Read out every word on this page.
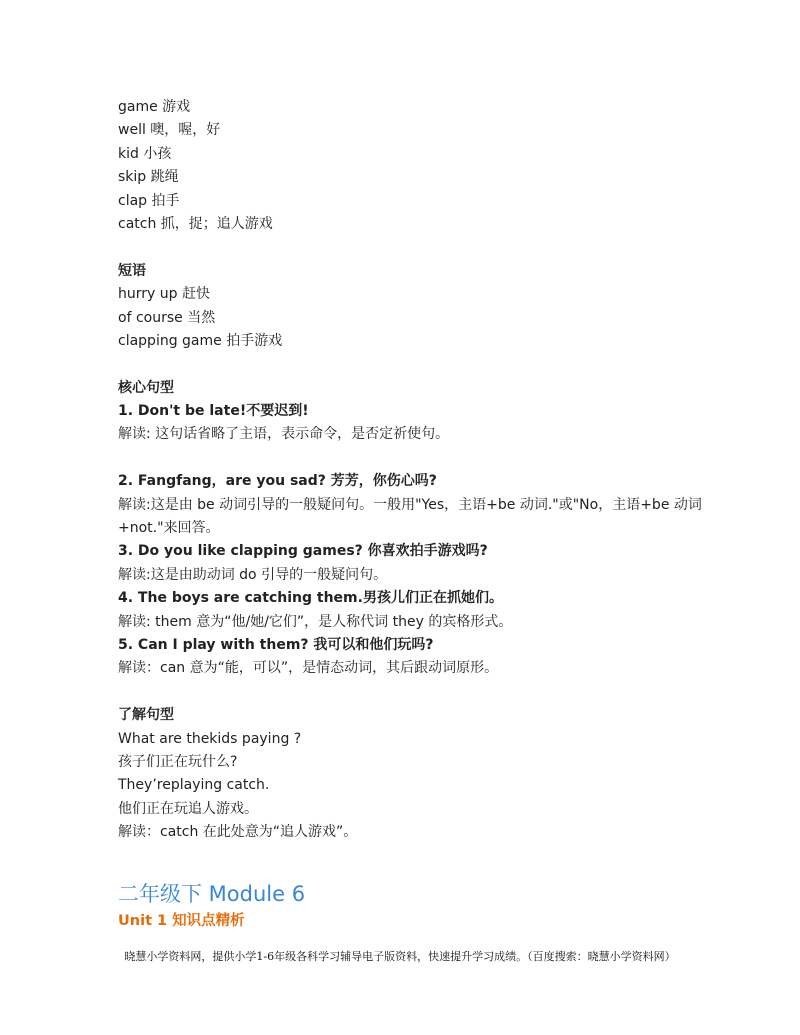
game 游戏
well 噢，喔，好
kid 小孩
skip 跳绳
clap 拍手
catch 抓，捉；追人游戏
短语
hurry up 赶快
of course 当然
clapping game 拍手游戏
核心句型
1. Don't be late!不要迟到!
解读: 这句话省略了主语，表示命令，是否定祈使句。
2. Fangfang，are you sad? 芳芳，你伤心吗?
解读:这是由 be 动词引导的一般疑问句。一般用"Yes，主语+be 动词."或"No，主语+be 动词+not."来回答。
3. Do you like clapping games? 你喜欢拍手游戏吗?
解读:这是由助动词 do 引导的一般疑问句。
4. The boys are catching them.男孩儿们正在抓她们。
解读: them 意为“他/她/它们”，是人称代词 they 的宾格形式。
5. Can I play with them? 我可以和他们玩吗?
解读：can 意为“能，可以”，是情态动词，其后跟动词原形。
了解句型
What are thekids paying ?
孩子们正在玩什么?
They’replaying catch.
他们正在玩追人游戏。
解读：catch 在此处意为“追人游戏”。
二年级下 Module 6
Unit 1 知识点精析
晓慧小学资料网，提供小学1-6年级各科学习辅导电子版资料，快速提升学习成绩。（百度搜索：晓慧小学资料网）
